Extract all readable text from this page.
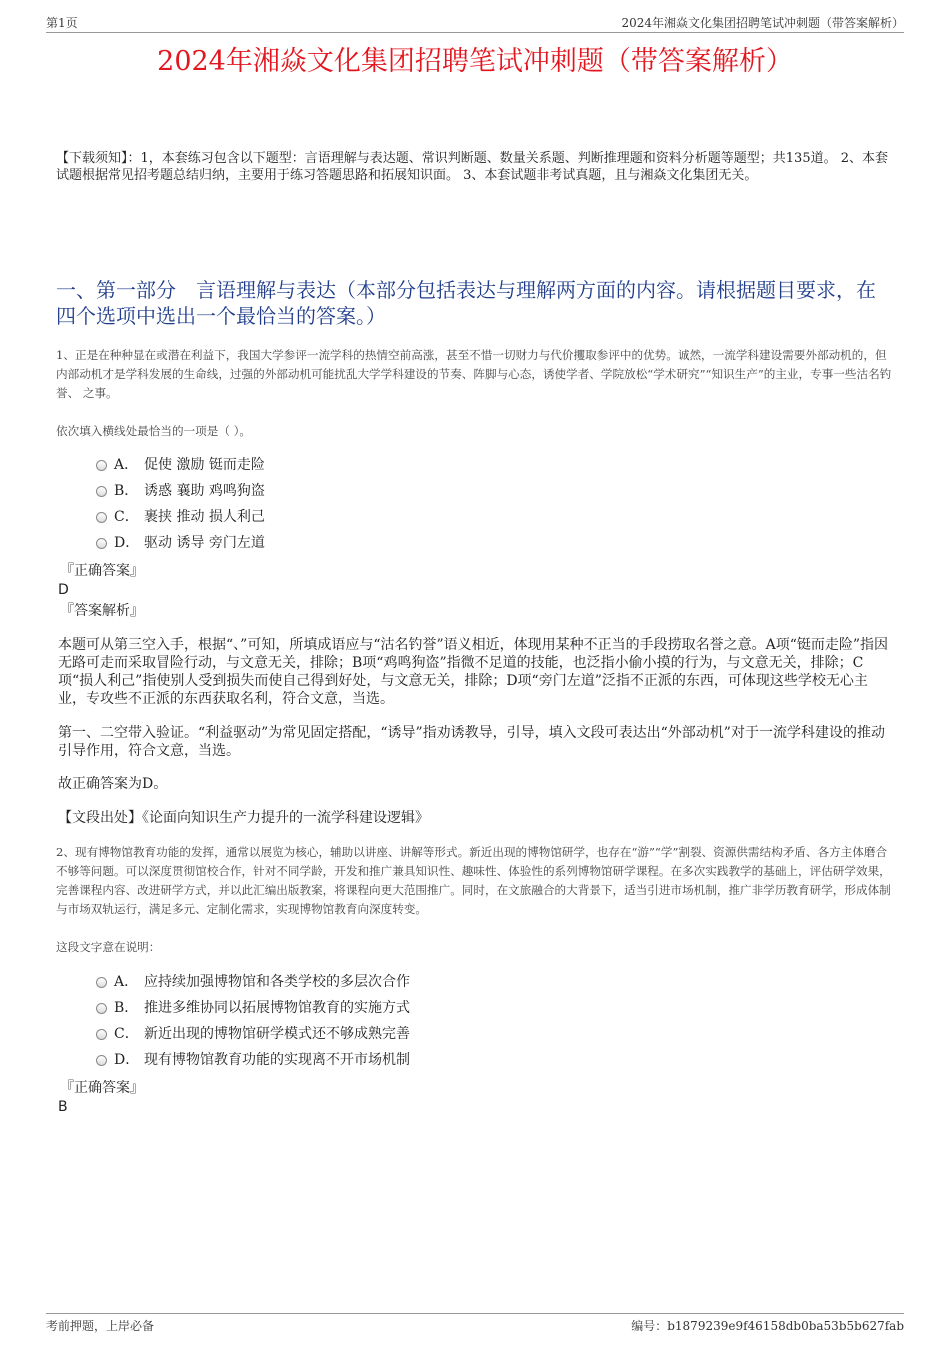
第1页	2024年湘焱文化集团招聘笔试冲刺题（带答案解析）
2024年湘焱文化集团招聘笔试冲刺题（带答案解析）
【下载须知】：1，本套练习包含以下题型：言语理解与表达题、常识判断题、数量关系题、判断推理题和资料分析题等题型；共135道。 2、本套试题根据常见招考题总结归纳，主要用于练习答题思路和拓展知识面。 3、本套试题非考试真题，且与湘焱文化集团无关。
一、第一部分　言语理解与表达（本部分包括表达与理解两方面的内容。请根据题目要求，在四个选项中选出一个最恰当的答案。）
1、正是在种种显在或潜在利益下，我国大学参评一流学科的热情空前高涨，甚至不惜一切财力与代价攫取参评中的优势。诚然，一流学科建设需要外部动机的，但内部动机才是学科发展的生命线，过强的外部动机可能扰乱大学学科建设的节奏、阵脚与心态，诱使学者、学院放松“学术研究”“知识生产”的主业，专事一些沽名钓誉、 之事。
依次填入横线处最恰当的一项是（ ）。
A． 促使 激励 铤而走险
B． 诱惑 襄助 鸡鸣狗盗
C． 裹挟 推动 损人利己
D． 驱动 诱导 旁门左道
『正确答案』
D
『答案解析』
本题可从第三空入手，根据“、”可知，所填成语应与“沽名钓誉”语义相近，体现用某种不正当的手段捞取名誉之意。A项“铤而走险”指因无路可走而采取冒险行动，与文意无关，排除；B项“鸡鸣狗盗”指微不足道的技能，也泛指小偷小摸的行为，与文意无关，排除；C项“损人利己”指使别人受到损失而使自己得到好处，与文意无关，排除；D项“旁门左道”泛指不正派的东西，可体现这些学校无心主业，专攻些不正派的东西获取名利，符合文意，当选。
第一、二空带入验证。“利益驱动”为常见固定搭配，“诱导”指劝诱教导，引导，填入文段可表达出“外部动机”对于一流学科建设的推动引导作用，符合文意，当选。
故正确答案为D。
【文段出处】《论面向知识生产力提升的一流学科建设逻辑》
2、现有博物馆教育功能的发挥，通常以展览为核心，辅助以讲座、讲解等形式。新近出现的博物馆研学，也存在“游”“学”割裂、资源供需结构矛盾、各方主体磨合不够等问题。可以深度贯彻馆校合作，针对不同学龄，开发和推广兼具知识性、趣味性、体验性的系列博物馆研学课程。在多次实践教学的基础上，评估研学效果，完善课程内容、改进研学方式，并以此汇编出版教案，将课程向更大范围推广。同时，在文旅融合的大背景下，适当引进市场机制，推广非学历教育研学，形成体制与市场双轨运行，满足多元、定制化需求，实现博物馆教育向深度转变。
这段文字意在说明：
A． 应持续加强博物馆和各类学校的多层次合作
B． 推进多维协同以拓展博物馆教育的实施方式
C． 新近出现的博物馆研学模式还不够成熟完善
D． 现有博物馆教育功能的实现离不开市场机制
『正确答案』
B
考前押题，上岸必备	编号：b1879239e9f46158db0ba53b5b627fab
